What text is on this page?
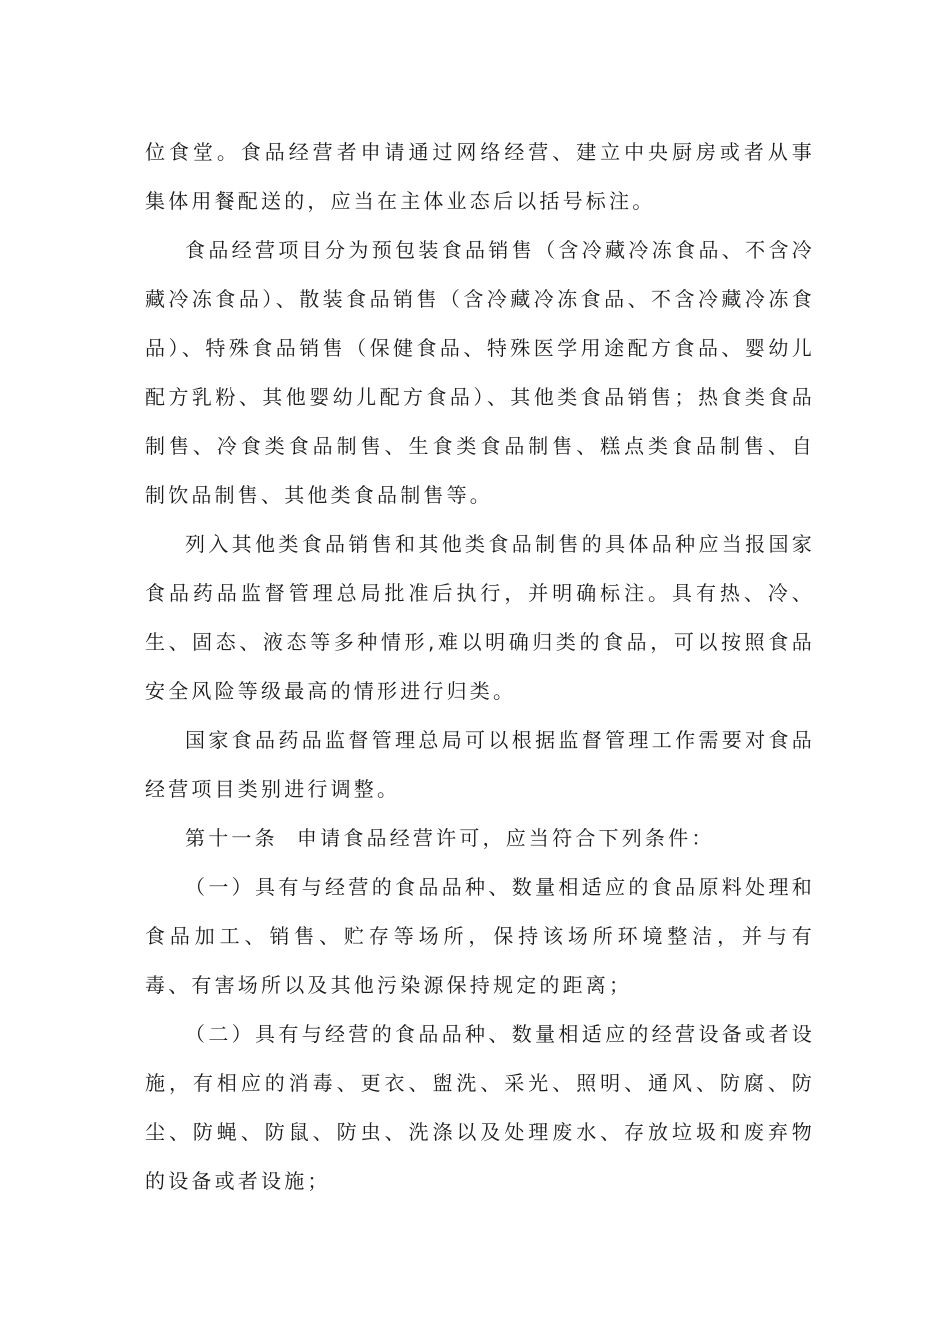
位食堂。食品经营者申请通过网络经营、建立中央厨房或者从事集体用餐配送的，应当在主体业态后以括号标注。

食品经营项目分为预包装食品销售（含冷藏冷冻食品、不含冷藏冷冻食品）、散装食品销售（含冷藏冷冻食品、不含冷藏冷冻食品）、特殊食品销售（保健食品、特殊医学用途配方食品、婴幼儿配方乳粉、其他婴幼儿配方食品）、其他类食品销售；热食类食品制售、冷食类食品制售、生食类食品制售、糕点类食品制售、自制饮品制售、其他类食品制售等。

列入其他类食品销售和其他类食品制售的具体品种应当报国家食品药品监督管理总局批准后执行，并明确标注。具有热、冷、生、固态、液态等多种情形,难以明确归类的食品，可以按照食品安全风险等级最高的情形进行归类。

国家食品药品监督管理总局可以根据监督管理工作需要对食品经营项目类别进行调整。

第十一条  申请食品经营许可，应当符合下列条件：

（一）具有与经营的食品品种、数量相适应的食品原料处理和食品加工、销售、贮存等场所，保持该场所环境整洁，并与有毒、有害场所以及其他污染源保持规定的距离；

（二）具有与经营的食品品种、数量相适应的经营设备或者设施，有相应的消毒、更衣、盥洗、采光、照明、通风、防腐、防尘、防蝇、防鼠、防虫、洗涤以及处理废水、存放垃圾和废弃物的设备或者设施；
